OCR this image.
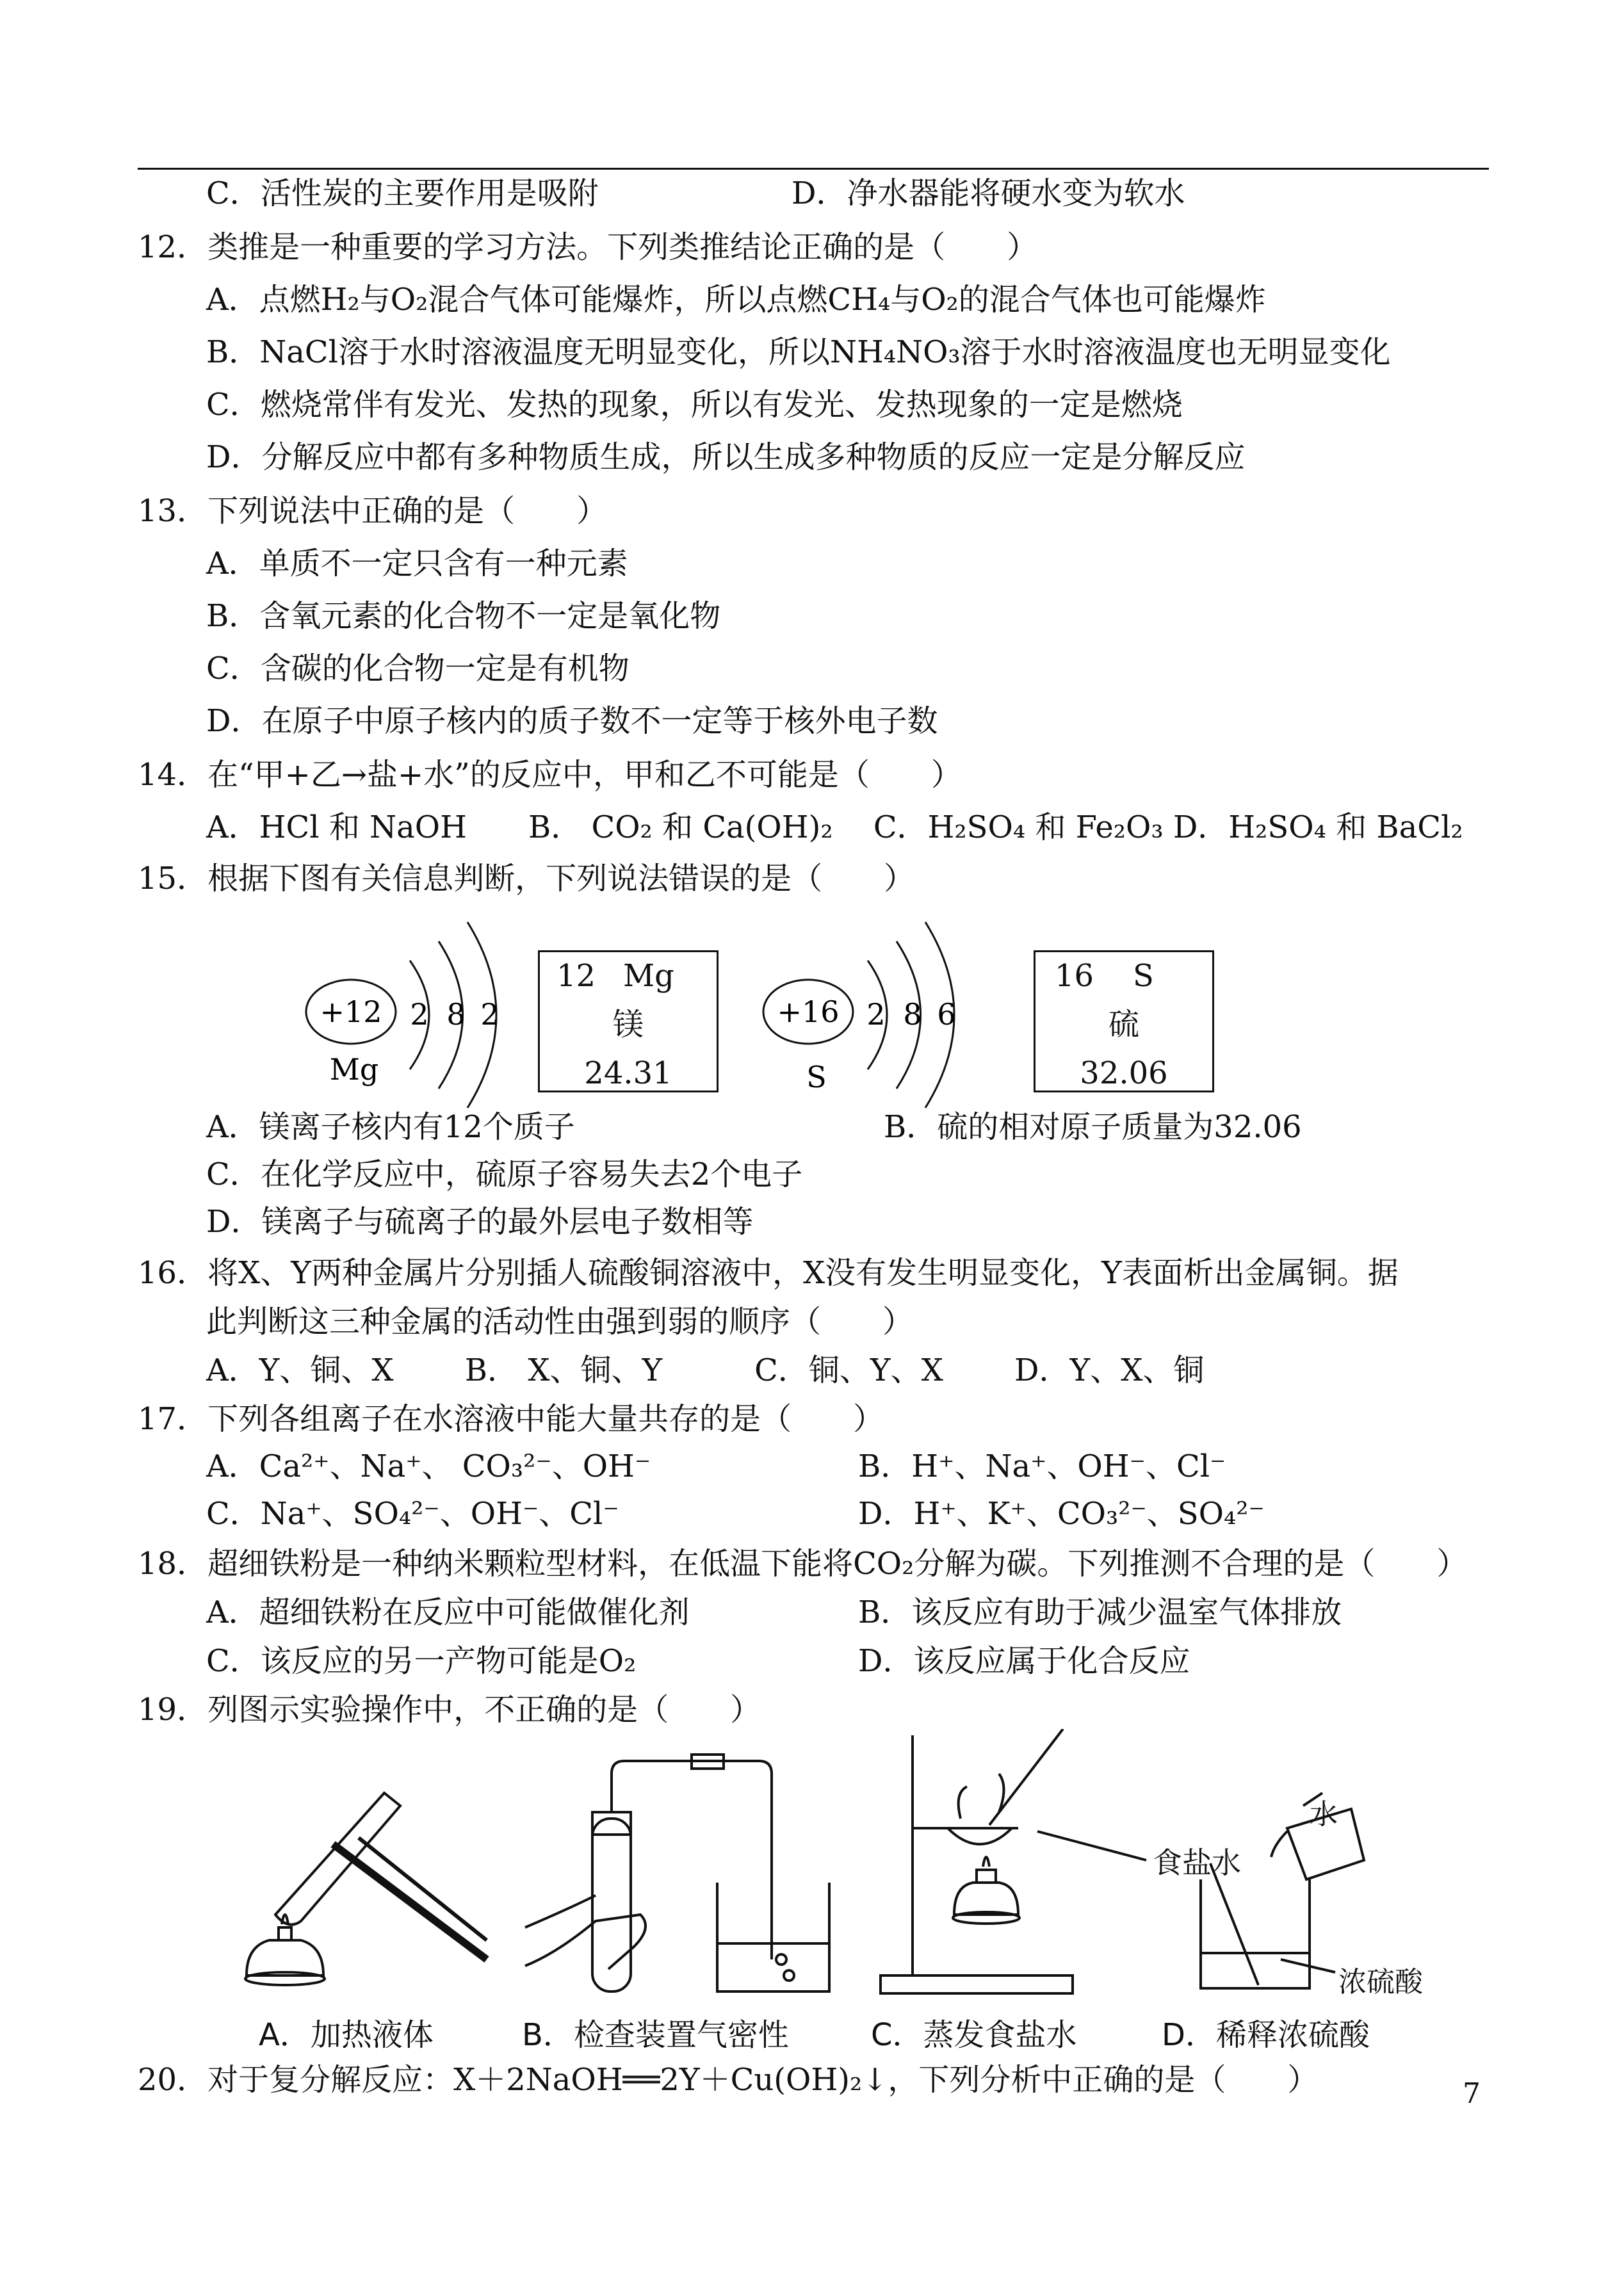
C．活性炭的主要作用是吸附	D．净水器能将硬水变为软水
12．类推是一种重要的学习方法。下列类推结论正确的是（　　）
A．点燃H₂与O₂混合气体可能爆炸，所以点燃CH₄与O₂的混合气体也可能爆炸
B．NaCl溶于水时溶液温度无明显变化，所以NH₄NO₃溶于水时溶液温度也无明显变化
C．燃烧常伴有发光、发热的现象，所以有发光、发热现象的一定是燃烧
D．分解反应中都有多种物质生成，所以生成多种物质的反应一定是分解反应
13．下列说法中正确的是（　　）
A．单质不一定只含有一种元素
B．含氧元素的化合物不一定是氧化物
C．含碳的化合物一定是有机物
D．在原子中原子核内的质子数不一定等于核外电子数
14．在“甲+乙→盐+水”的反应中，甲和乙不可能是（　　）
A．HCl 和 NaOH　　B． CO₂ 和 Ca(OH)₂　 C．H₂SO₄ 和 Fe₂O₃ D．H₂SO₄ 和 BaCl₂
15．根据下图有关信息判断，下列说法错误的是（　　）
+12 2 8 2
Mg
+16 2 8 6
S
12 Mg
镁
24.31
16 S
硫
32.06
A．镁离子核内有12个质子	B．硫的相对原子质量为32.06
C．在化学反应中，硫原子容易失去2个电子
D．镁离子与硫离子的最外层电子数相等
16．将X、Y两种金属片分别插人硫酸铜溶液中，X没有发生明显变化，Y表面析出金属铜。据
此判断这三种金属的活动性由强到弱的顺序（　　）
A．Y、铜、X　　 B． X、铜、Y　　　C．铜、Y、X　　 D．Y、X、铜
17．下列各组离子在水溶液中能大量共存的是（　　）
A．Ca²⁺、Na⁺、 CO₃²⁻、OH⁻	B．H⁺、Na⁺、OH⁻、Cl⁻
C．Na⁺、SO₄²⁻、OH⁻、Cl⁻	D．H⁺、K⁺、CO₃²⁻、SO₄²⁻
18．超细铁粉是一种纳米颗粒型材料，在低温下能将CO₂分解为碳。下列推测不合理的是（　　）
A．超细铁粉在反应中可能做催化剂	B．该反应有助于减少温室气体排放
C．该反应的另一产物可能是O₂	D．该反应属于化合反应
19．列图示实验操作中，不正确的是（　　）
食盐水
水
浓硫酸
A．加热液体	B．检查装置气密性	C．蒸发食盐水	D．稀释浓硫酸
20．对于复分解反应：X＋2NaOH══2Y＋Cu(OH)₂↓，下列分析中正确的是（　　）	7
